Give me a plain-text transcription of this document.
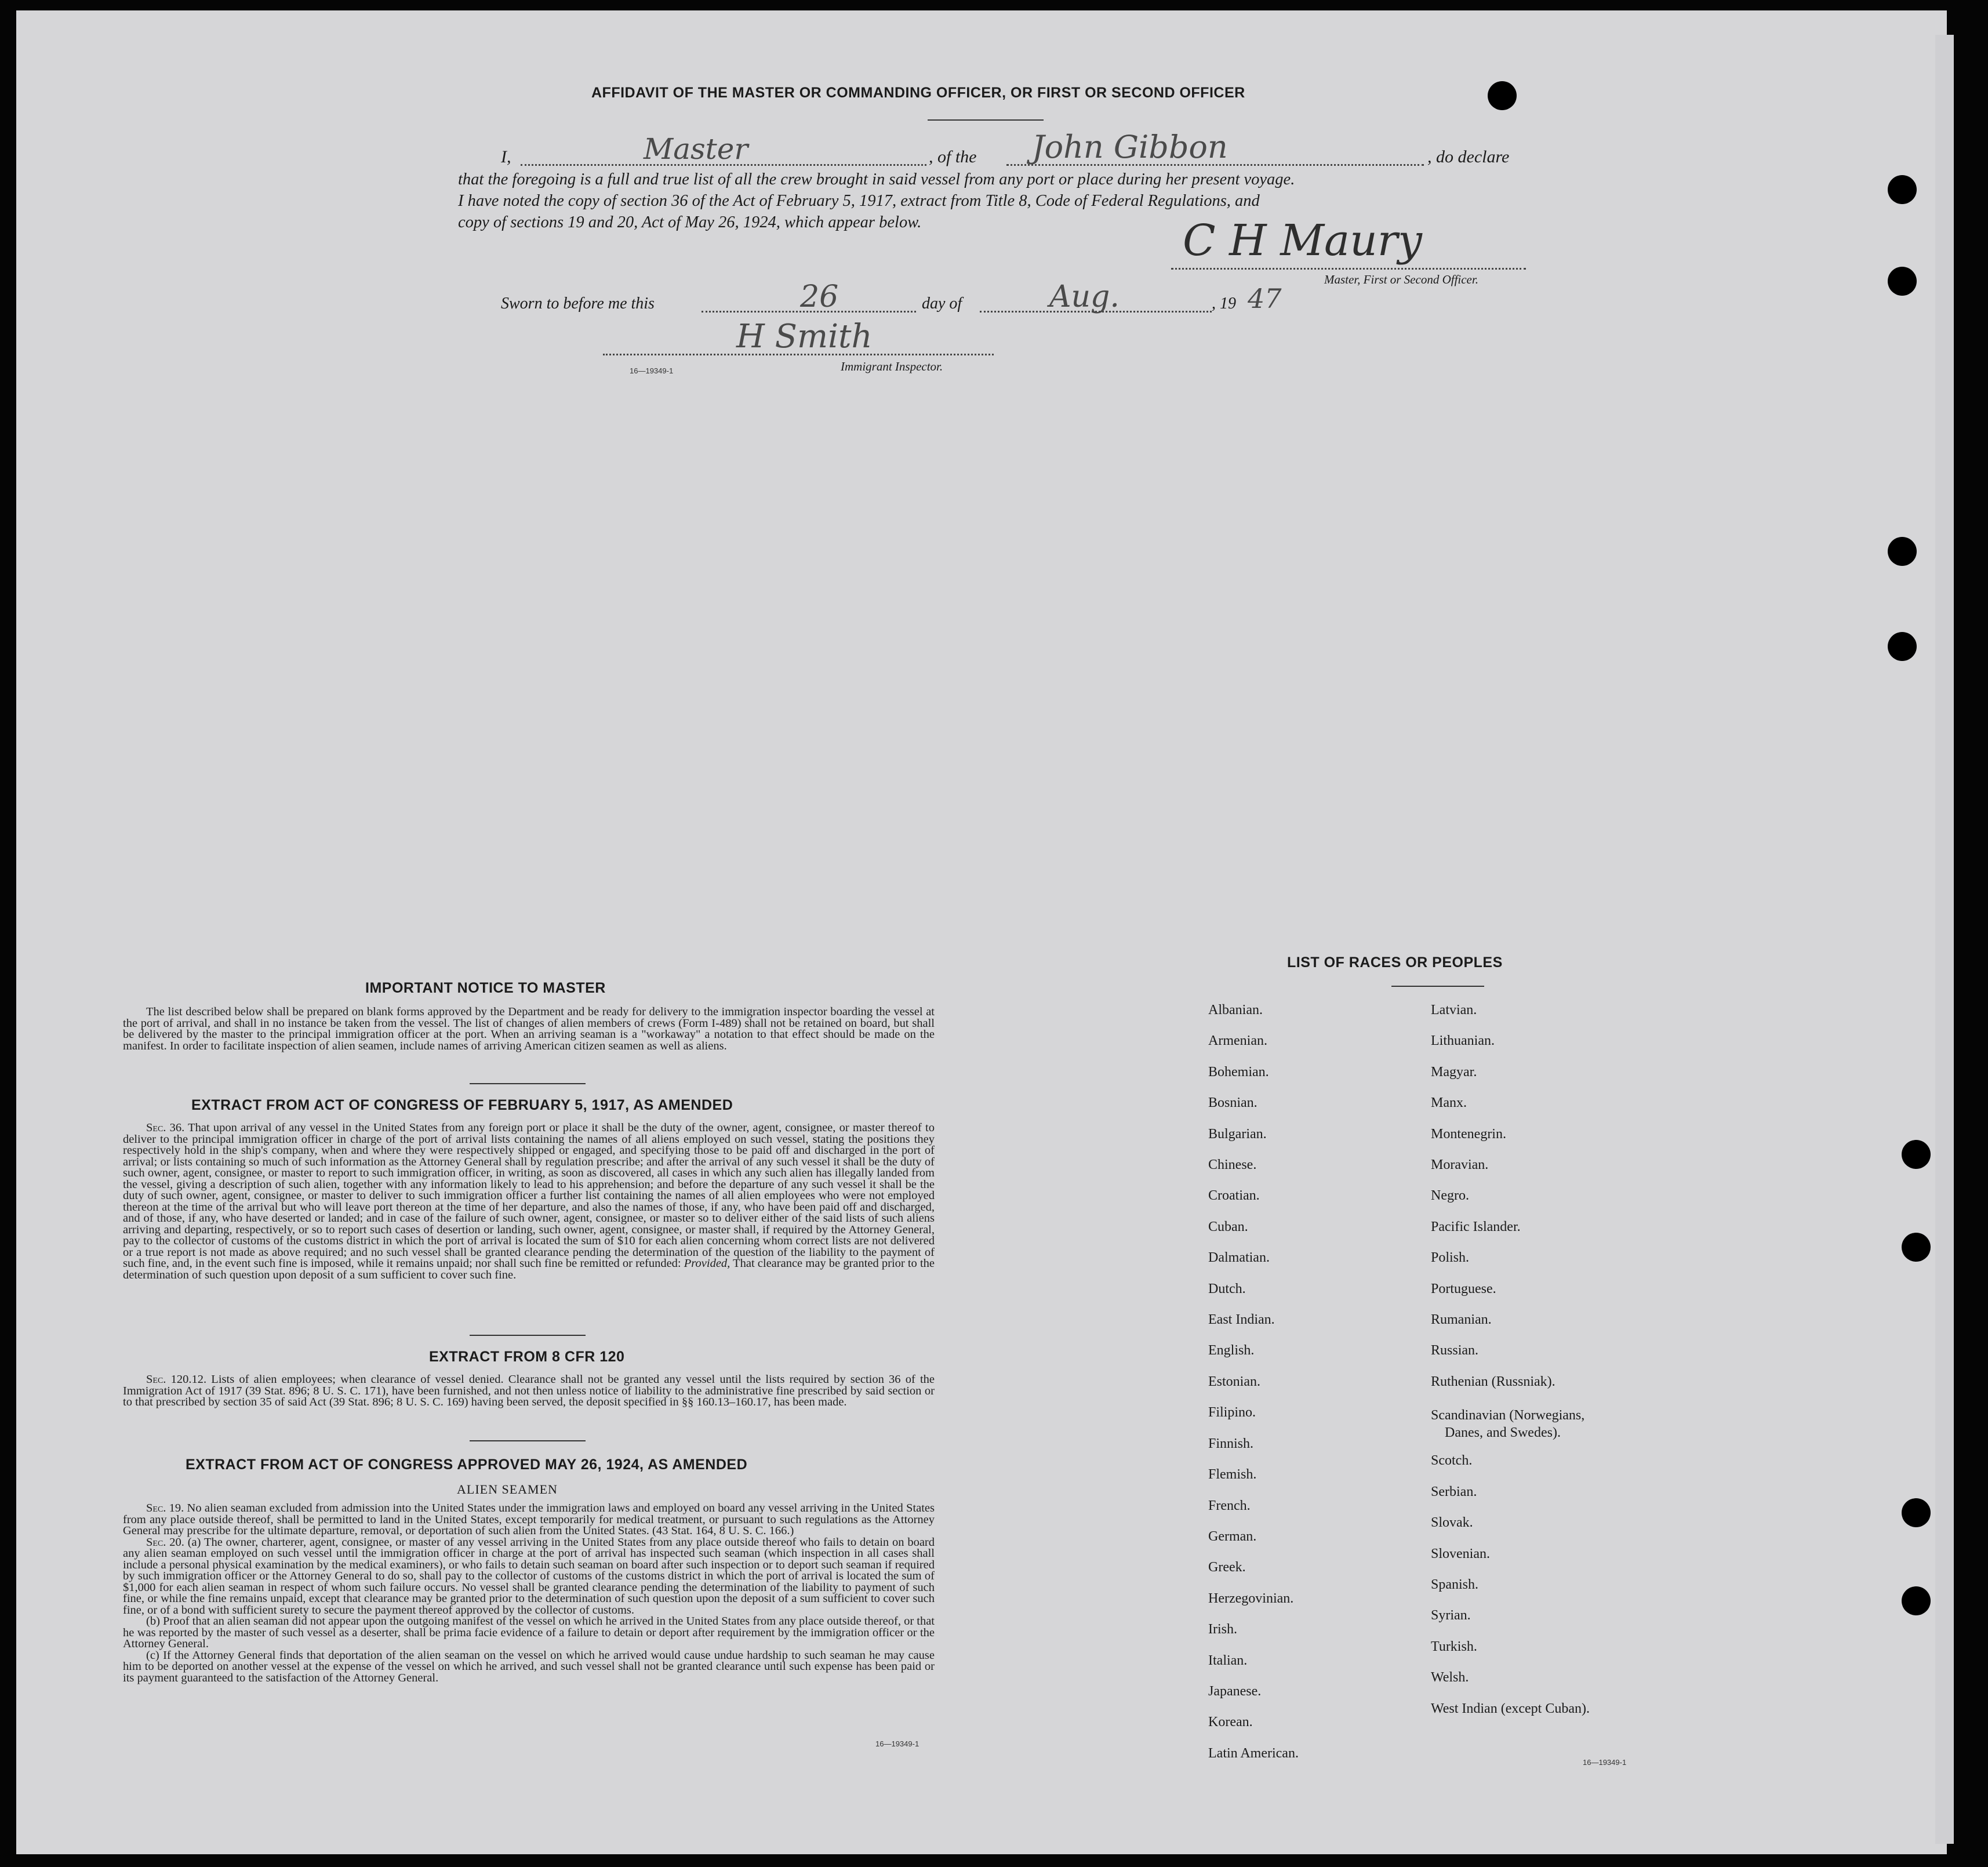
AFFIDAVIT OF THE MASTER OR COMMANDING OFFICER, OR FIRST OR SECOND OFFICER
I,	Master	, of the John Gibbon	, do declare
that the foregoing is a full and true list of all the crew brought in said vessel from any port or place during her present voyage.
I have noted the copy of section 36 of the Act of February 5, 1917, extract from Title 8, Code of Federal Regulations, and
copy of sections 19 and 20, Act of May 26, 1924, which appear below.	C H Maury
Master, First or Second Officer.
Sworn to before me this	26	day of	Aug.	, 19 47
H Smith
16—19349-1	Immigrant Inspector.
IMPORTANT NOTICE TO MASTER

The list described below shall be prepared on blank forms approved by the Department and be ready for delivery to the immigration inspector boarding the vessel at the port of arrival, and shall in no instance be taken from the vessel. The list of changes of alien members of crews (Form I-489) shall not be retained on board, but shall be delivered by the master to the principal immigration officer at the port. When an arriving seaman is a "workaway" a notation to that effect should be made on the manifest. In order to facilitate inspection of alien seamen, include names of arriving American citizen seamen as well as aliens.

EXTRACT FROM ACT OF CONGRESS OF FEBRUARY 5, 1917, AS AMENDED

Sec. 36. That upon arrival of any vessel in the United States from any foreign port or place it shall be the duty of the owner, agent, consignee, or master thereof to deliver to the principal immigration officer in charge of the port of arrival lists containing the names of all aliens employed on such vessel, stating the positions they respectively hold in the ship's company, when and where they were respectively shipped or engaged, and specifying those to be paid off and discharged in the port of arrival; or lists containing so much of such information as the Attorney General shall by regulation prescribe; and after the arrival of any such vessel it shall be the duty of such owner, agent, consignee, or master to report to such immigration officer, in writing, as soon as discovered, all cases in which any such alien has illegally landed from the vessel, giving a description of such alien, together with any information likely to lead to his apprehension; and before the departure of any such vessel it shall be the duty of such owner, agent, consignee, or master to deliver to such immigration officer a further list containing the names of all alien employees who were not employed thereon at the time of the arrival but who will leave port thereon at the time of her departure, and also the names of those, if any, who have been paid off and discharged, and of those, if any, who have deserted or landed; and in case of the failure of such owner, agent, consignee, or master so to deliver either of the said lists of such aliens arriving and departing, respectively, or so to report such cases of desertion or landing, such owner, agent, consignee, or master shall, if required by the Attorney General, pay to the collector of customs of the customs district in which the port of arrival is located the sum of $10 for each alien concerning whom correct lists are not delivered or a true report is not made as above required; and no such vessel shall be granted clearance pending the determination of the question of the liability to the payment of such fine, and, in the event such fine is imposed, while it remains unpaid; nor shall such fine be remitted or refunded: Provided, That clearance may be granted prior to the determination of such question upon deposit of a sum sufficient to cover such fine.

EXTRACT FROM 8 CFR 120

Sec. 120.12. Lists of alien employees; when clearance of vessel denied. Clearance shall not be granted any vessel until the lists required by section 36 of the Immigration Act of 1917 (39 Stat. 896; 8 U. S. C. 171), have been furnished, and not then unless notice of liability to the administrative fine prescribed by said section or to that prescribed by section 35 of said Act (39 Stat. 896; 8 U. S. C. 169) having been served, the deposit specified in §§ 160.13–160.17, has been made.

EXTRACT FROM ACT OF CONGRESS APPROVED MAY 26, 1924, AS AMENDED
ALIEN SEAMEN

Sec. 19. No alien seaman excluded from admission into the United States under the immigration laws and employed on board any vessel arriving in the United States from any place outside thereof, shall be permitted to land in the United States, except temporarily for medical treatment, or pursuant to such regulations as the Attorney General may prescribe for the ultimate departure, removal, or deportation of such alien from the United States. (43 Stat. 164, 8 U. S. C. 166.)

Sec. 20. (a) The owner, charterer, agent, consignee, or master of any vessel arriving in the United States from any place outside thereof who fails to detain on board any alien seaman employed on such vessel until the immigration officer in charge at the port of arrival has inspected such seaman (which inspection in all cases shall include a personal physical examination by the medical examiners), or who fails to detain such seaman on board after such inspection or to deport such seaman if required by such immigration officer or the Attorney General to do so, shall pay to the collector of customs of the customs district in which the port of arrival is located the sum of $1,000 for each alien seaman in respect of whom such failure occurs. No vessel shall be granted clearance pending the determination of the liability to payment of such fine, or while the fine remains unpaid, except that clearance may be granted prior to the determination of such question upon the deposit of a sum sufficient to cover such fine, or of a bond with sufficient surety to secure the payment thereof approved by the collector of customs.

(b) Proof that an alien seaman did not appear upon the outgoing manifest of the vessel on which he arrived in the United States from any place outside thereof, or that he was reported by the master of such vessel as a deserter, shall be prima facie evidence of a failure to detain or deport after requirement by the immigration officer or the Attorney General.

(c) If the Attorney General finds that deportation of the alien seaman on the vessel on which he arrived would cause undue hardship to such seaman he may cause him to be deported on another vessel at the expense of the vessel on which he arrived, and such vessel shall not be granted clearance until such expense has been paid or its payment guaranteed to the satisfaction of the Attorney General.

16—19349-1
LIST OF RACES OR PEOPLES
Albanian.
Armenian.
Bohemian.
Bosnian.
Bulgarian.
Chinese.
Croatian.
Cuban.
Dalmatian.
Dutch.
East Indian.
English.
Estonian.
Filipino.
Finnish.
Flemish.
French.
German.
Greek.
Herzegovinian.
Irish.
Italian.
Japanese.
Korean.
Latin American.
Latvian.
Lithuanian.
Magyar.
Manx.
Montenegrin.
Moravian.
Negro.
Pacific Islander.
Polish.
Portuguese.
Rumanian.
Russian.
Ruthenian (Russniak).
Scandinavian (Norwegians,
Danes, and Swedes).
Scotch.
Serbian.
Slovak.
Slovenian.
Spanish.
Syrian.
Turkish.
Welsh.
West Indian (except Cuban).
16—19349-1
